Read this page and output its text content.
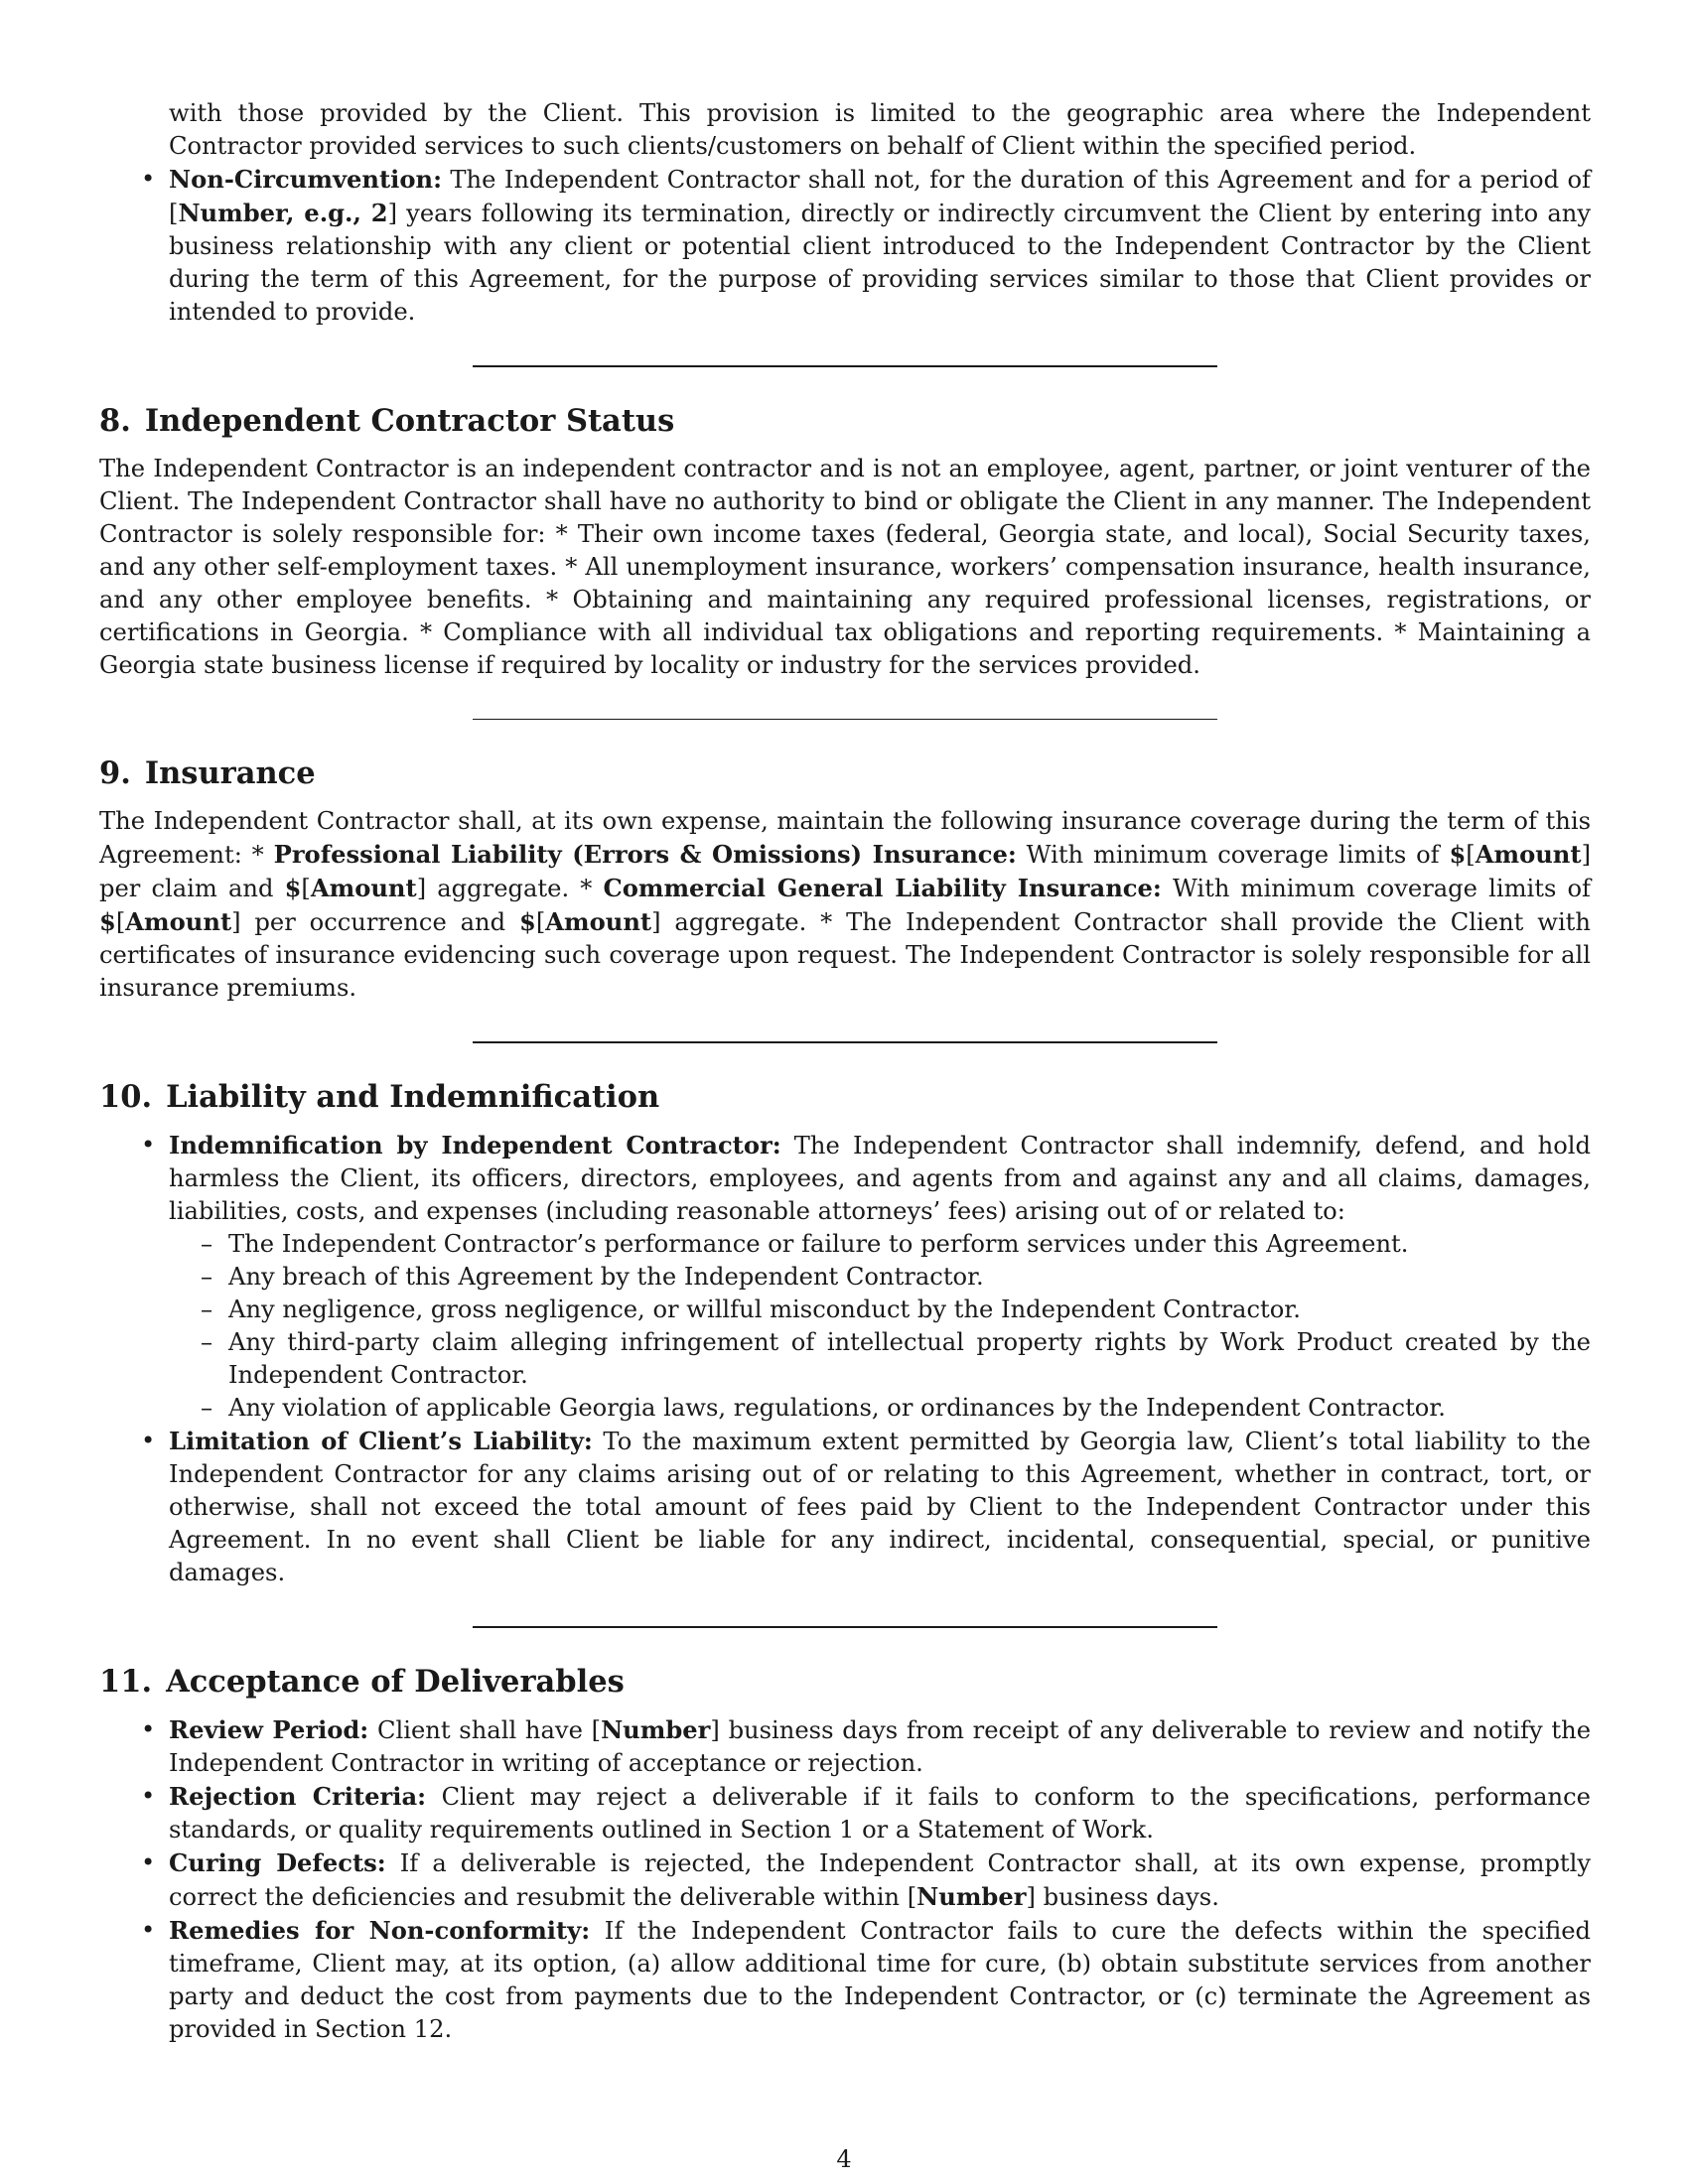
with those provided by the Client. This provision is limited to the geographic area where the Independent Contractor provided services to such clients/customers on behalf of Client within the specified period.
• Non-Circumvention: The Independent Contractor shall not, for the duration of this Agreement and for a period of [Number, e.g., 2] years following its termination, directly or indirectly circumvent the Client by entering into any business relationship with any client or potential client introduced to the Independent Contractor by the Client during the term of this Agreement, for the purpose of providing services similar to those that Client provides or intended to provide.
8. Independent Contractor Status

The Independent Contractor is an independent contractor and is not an employee, agent, partner, or joint venturer of the Client. The Independent Contractor shall have no authority to bind or obligate the Client in any manner. The Independent Contractor is solely responsible for: * Their own income taxes (federal, Georgia state, and local), Social Security taxes, and any other self-employment taxes. * All unemployment insurance, workers’ compensation insurance, health insurance, and any other employee benefits. * Obtaining and maintaining any required professional licenses, registrations, or certifications in Georgia. * Compliance with all individual tax obligations and reporting requirements. * Maintaining a Georgia state business license if required by locality or industry for the services provided.

9. Insurance

The Independent Contractor shall, at its own expense, maintain the following insurance coverage during the term of this Agreement: * Professional Liability (Errors & Omissions) Insurance: With minimum coverage limits of $[Amount] per claim and $[Amount] aggregate. * Commercial General Liability Insurance: With minimum coverage limits of $[Amount] per occurrence and $[Amount] aggregate. * The Independent Contractor shall provide the Client with certificates of insurance evidencing such coverage upon request. The Independent Contractor is solely responsible for all insurance premiums.

10. Liability and Indemnification
• Indemnification by Independent Contractor: The Independent Contractor shall indemnify, defend, and hold harmless the Client, its officers, directors, employees, and agents from and against any and all claims, damages, liabilities, costs, and expenses (including reasonable attorneys’ fees) arising out of or related to:
– The Independent Contractor’s performance or failure to perform services under this Agreement.
– Any breach of this Agreement by the Independent Contractor.
– Any negligence, gross negligence, or willful misconduct by the Independent Contractor.
– Any third-party claim alleging infringement of intellectual property rights by Work Product created by the Independent Contractor.
– Any violation of applicable Georgia laws, regulations, or ordinances by the Independent Contractor.
• Limitation of Client’s Liability: To the maximum extent permitted by Georgia law, Client’s total liability to the Independent Contractor for any claims arising out of or relating to this Agreement, whether in contract, tort, or otherwise, shall not exceed the total amount of fees paid by Client to the Independent Contractor under this Agreement. In no event shall Client be liable for any indirect, incidental, consequential, special, or punitive damages.
11. Acceptance of Deliverables
• Review Period: Client shall have [Number] business days from receipt of any deliverable to review and notify the Independent Contractor in writing of acceptance or rejection.
• Rejection Criteria: Client may reject a deliverable if it fails to conform to the specifications, performance standards, or quality requirements outlined in Section 1 or a Statement of Work.
• Curing Defects: If a deliverable is rejected, the Independent Contractor shall, at its own expense, promptly correct the deficiencies and resubmit the deliverable within [Number] business days.
• Remedies for Non-conformity: If the Independent Contractor fails to cure the defects within the specified timeframe, Client may, at its option, (a) allow additional time for cure, (b) obtain substitute services from another party and deduct the cost from payments due to the Independent Contractor, or (c) terminate the Agreement as provided in Section 12.
4
